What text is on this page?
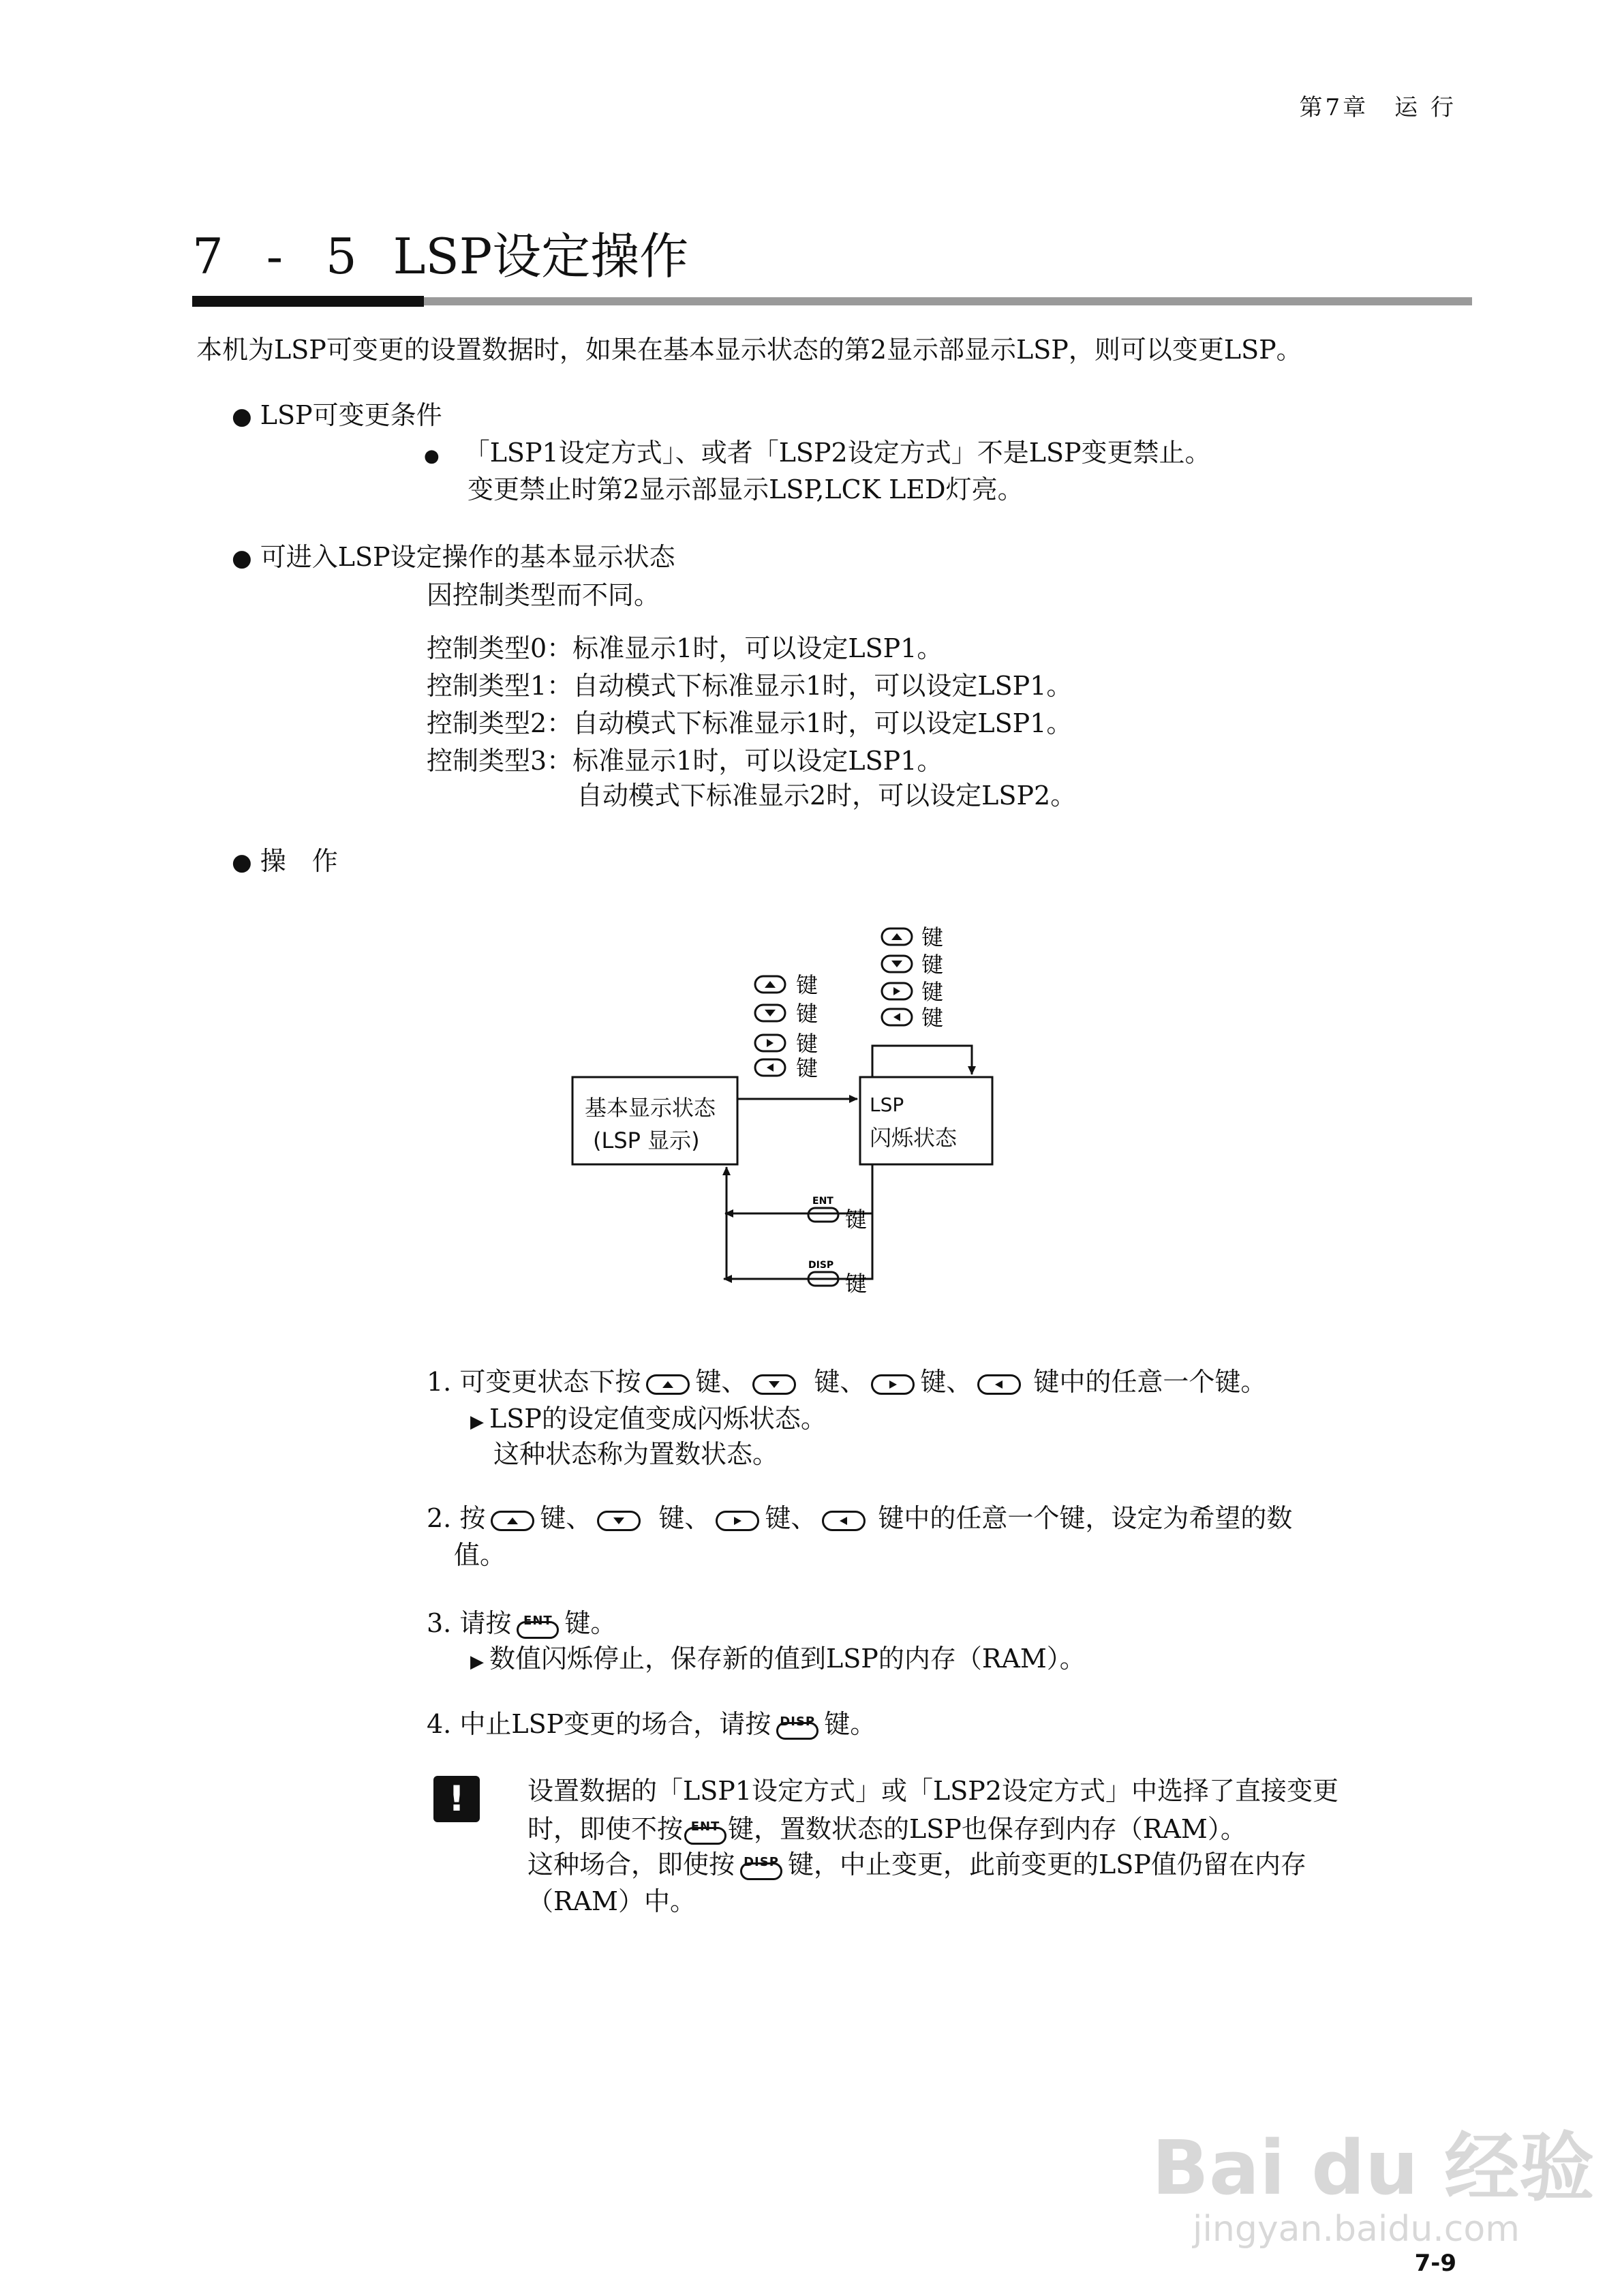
第7章　运 行
7 - 5 LSP设定操作
本机为LSP可变更的设置数据时，如果在基本显示状态的第2显示部显示LSP，则可以变更LSP。
● LSP可变更条件
● 「LSP1设定方式」、或者「LSP2设定方式」不是LSP变更禁止。
变更禁止时第2显示部显示LSP,LCK LED灯亮。
● 可进入LSP设定操作的基本显示状态
因控制类型而不同。
控制类型0：标准显示1时，可以设定LSP1。
控制类型1：自动模式下标准显示1时，可以设定LSP1。
控制类型2：自动模式下标准显示1时，可以设定LSP1。
控制类型3：标准显示1时，可以设定LSP1。
自动模式下标准显示2时，可以设定LSP2。
● 操　作
基本显示状态
(LSP 显示)
LSP
闪烁状态
键
键
键
键
键
键
键
键
ENT
键
DISP
键
1. 可变更状态下按 键、	键、 键、 键中的任意一个键。
▶ LSP的设定值变成闪烁状态。
这种状态称为置数状态。
2. 按 键、	键、 键、 键中的任意一个键，设定为希望的数
值。
3. 请按 ENT 键。
▶ 数值闪烁停止，保存新的值到LSP的内存（RAM）。
4. 中止LSP变更的场合，请按 DISP 键。
!	设置数据的「LSP1设定方式」或「LSP2设定方式」中选择了直接变更
时，即使不按 ENT 键，置数状态的LSP也保存到内存（RAM）。
这种场合，即使按 DISP 键，中止变更，此前变更的LSP值仍留在内存
（RAM）中。
Bai du 经验
jingyan.baidu.com
7-9
